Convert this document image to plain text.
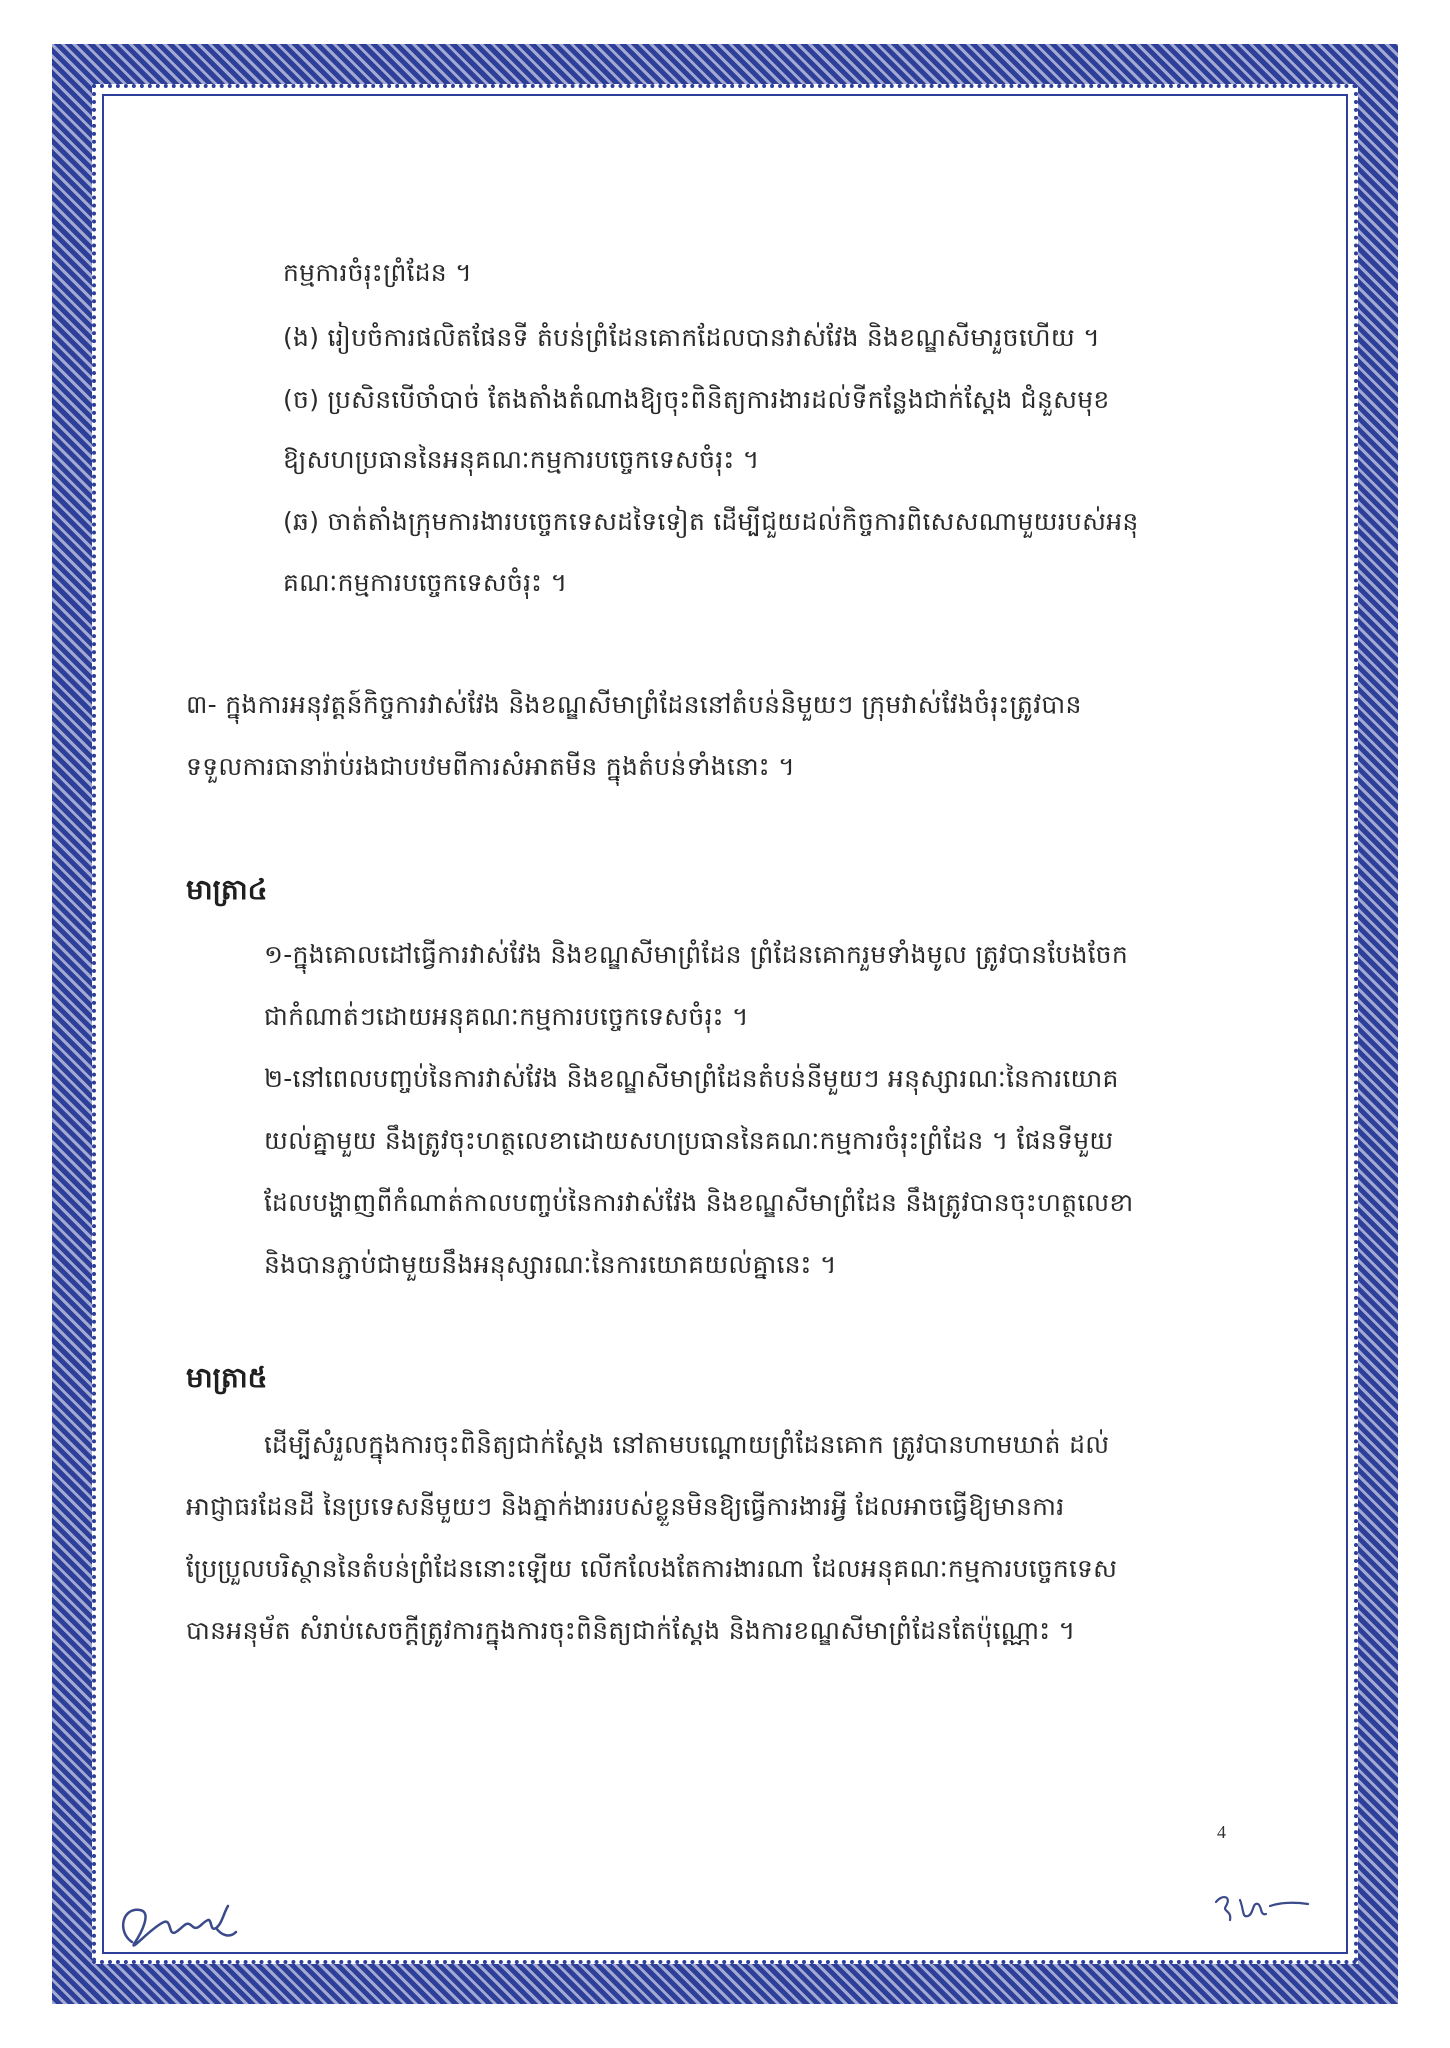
កម្មការចំរុះព្រំដែន ។
(ង) រៀបចំការផលិតផែនទី តំបន់ព្រំដែនគោកដែលបានវាស់វែង និងខណ្ឌសីមារួចហើយ ។
(ច) ប្រសិនបើចាំបាច់ តែងតាំងតំណាងឱ្យចុះពិនិត្យការងារដល់ទីកន្លែងជាក់ស្តែង ជំនួសមុខ
ឱ្យសហប្រធាននៃអនុគណៈកម្មការបច្ចេកទេសចំរុះ ។
(ឆ) ចាត់តាំងក្រុមការងារបច្ចេកទេសដទៃទៀត ដើម្បីជួយដល់កិច្ចការពិសេសណាមួយរបស់អនុ
គណៈកម្មការបច្ចេកទេសចំរុះ ។
៣- ក្នុងការអនុវត្តន៍កិច្ចការវាស់វែង និងខណ្ឌសីមាព្រំដែននៅតំបន់និមួយៗ ក្រុមវាស់វែងចំរុះត្រូវបាន
ទទួលការធានារ៉ាប់រងជាបឋមពីការសំអាតមីន ក្នុងតំបន់ទាំងនោះ ។
មាត្រា៤
១-ក្នុងគោលដៅធ្វើការវាស់វែង និងខណ្ឌសីមាព្រំដែន ព្រំដែនគោករួមទាំងមូល ត្រូវបានបែងចែក
ជាកំណាត់ៗដោយអនុគណៈកម្មការបច្ចេកទេសចំរុះ ។
២-នៅពេលបញ្ចប់នៃការវាស់វែង និងខណ្ឌសីមាព្រំដែនតំបន់នីមួយៗ អនុស្សារណៈនៃការយោគ
យល់គ្នាមួយ នឹងត្រូវចុះហត្ថលេខាដោយសហប្រធាននៃគណៈកម្មការចំរុះព្រំដែន ។ ផែនទីមួយ
ដែលបង្ហាញពីកំណាត់កាលបញ្ចប់នៃការវាស់វែង និងខណ្ឌសីមាព្រំដែន នឹងត្រូវបានចុះហត្ថលេខា
និងបានភ្ជាប់ជាមួយនឹងអនុស្សារណៈនៃការយោគយល់គ្នានេះ ។
មាត្រា៥
ដើម្បីសំរួលក្នុងការចុះពិនិត្យជាក់ស្តែង នៅតាមបណ្តោយព្រំដែនគោក ត្រូវបានហាមឃាត់ ដល់
អាជ្ញាធរដែនដី នៃប្រទេសនីមួយៗ និងភ្នាក់ងាររបស់ខ្លួនមិនឱ្យធ្វើការងារអ្វី ដែលអាចធ្វើឱ្យមានការ
ប្រែប្រួលបរិស្ថាននៃតំបន់ព្រំដែននោះឡើយ លើកលែងតែការងារណា ដែលអនុគណៈកម្មការបច្ចេកទេស
បានអនុម័ត សំរាប់សេចក្តីត្រូវការក្នុងការចុះពិនិត្យជាក់ស្តែង និងការខណ្ឌសីមាព្រំដែនតែប៉ុណ្ណោះ ។
4
